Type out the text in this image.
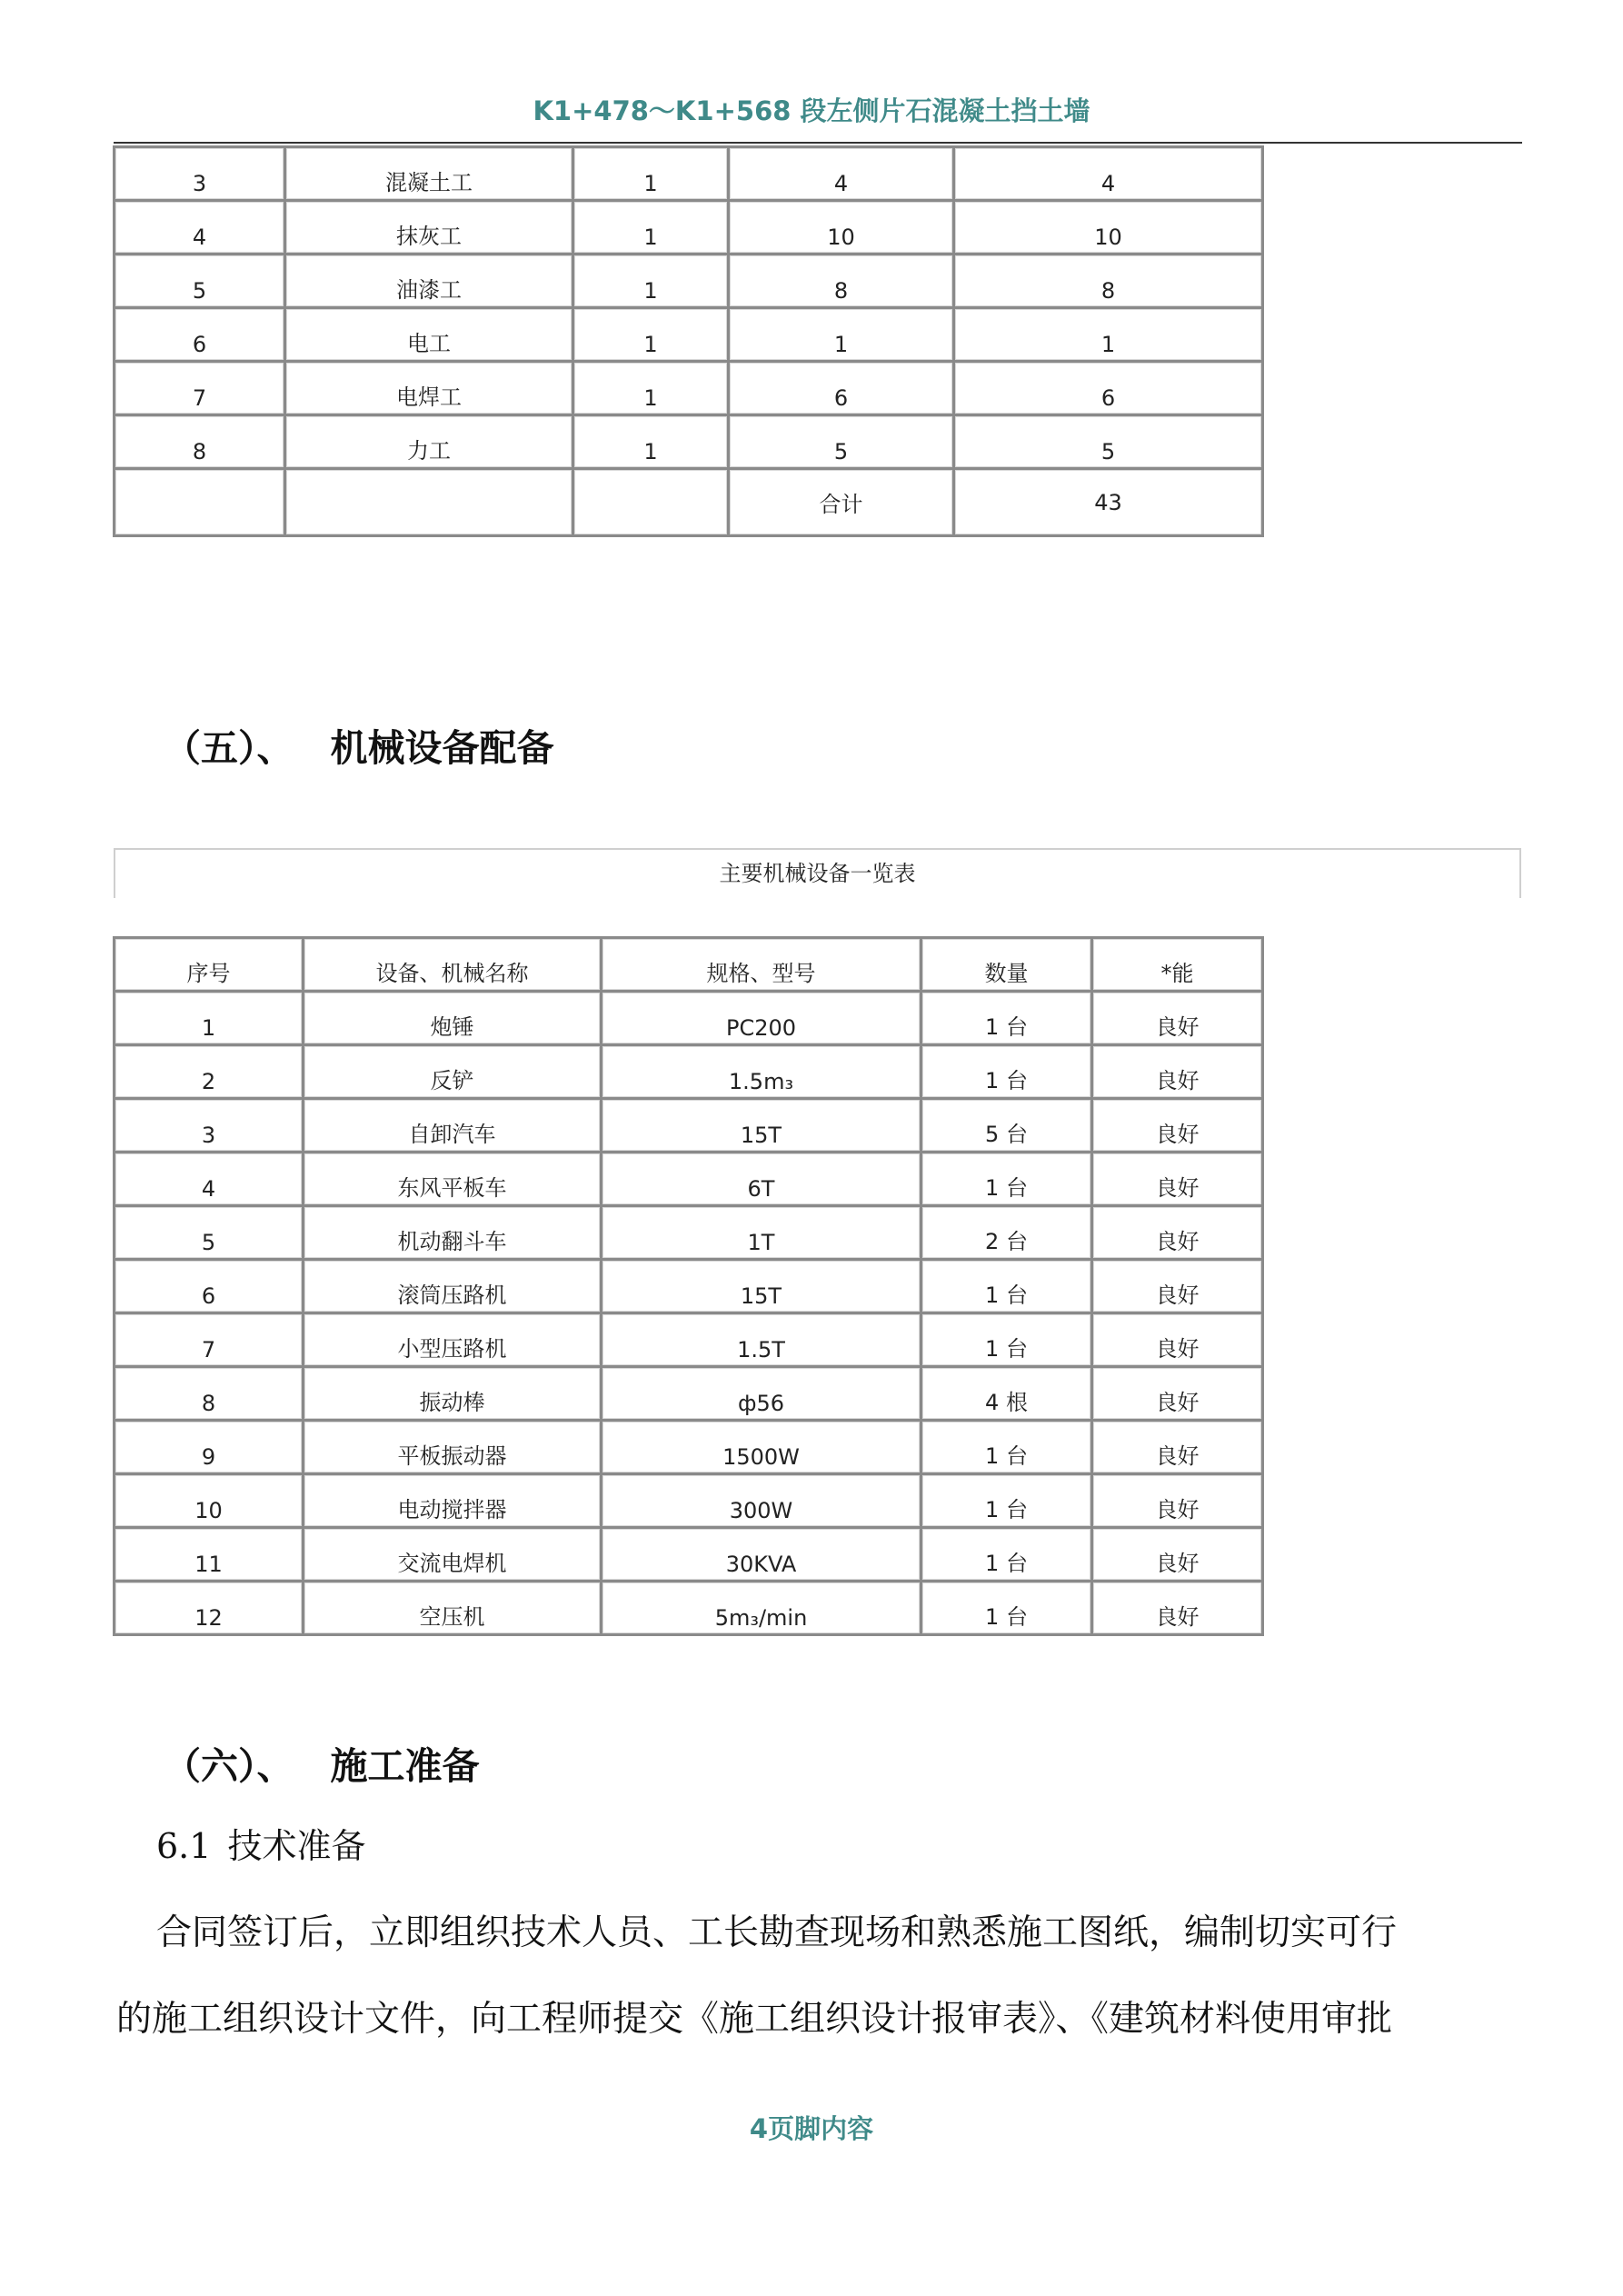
K1+478～K1+568 段左侧片石混凝土挡土墙
3	混凝土工	1	4	4
4	抹灰工	1	10	10
5	油漆工	1	8	8
6	电工	1	1	1
7	电焊工	1	6	6
8	力工	1	5	5
			合计	43
（五）、 机械设备配备
主要机械设备一览表
序号	设备、机械名称	规格、型号	数量	*能
1	炮锤	PC200	1 台	良好
2	反铲	1.5m₃	1 台	良好
3	自卸汽车	15T	5 台	良好
4	东风平板车	6T	1 台	良好
5	机动翻斗车	1T	2 台	良好
6	滚筒压路机	15T	1 台	良好
7	小型压路机	1.5T	1 台	良好
8	振动棒	ф56	4 根	良好
9	平板振动器	1500W	1 台	良好
10	电动搅拌器	300W	1 台	良好
11	交流电焊机	30KVA	1 台	良好
12	空压机	5m₃/min	1 台	良好
（六）、 施工准备
6.1 技术准备
合同签订后，立即组织技术人员、工长勘查现场和熟悉施工图纸，编制切实可行
的施工组织设计文件，向工程师提交《施工组织设计报审表》、《建筑材料使用审批
4页脚内容
